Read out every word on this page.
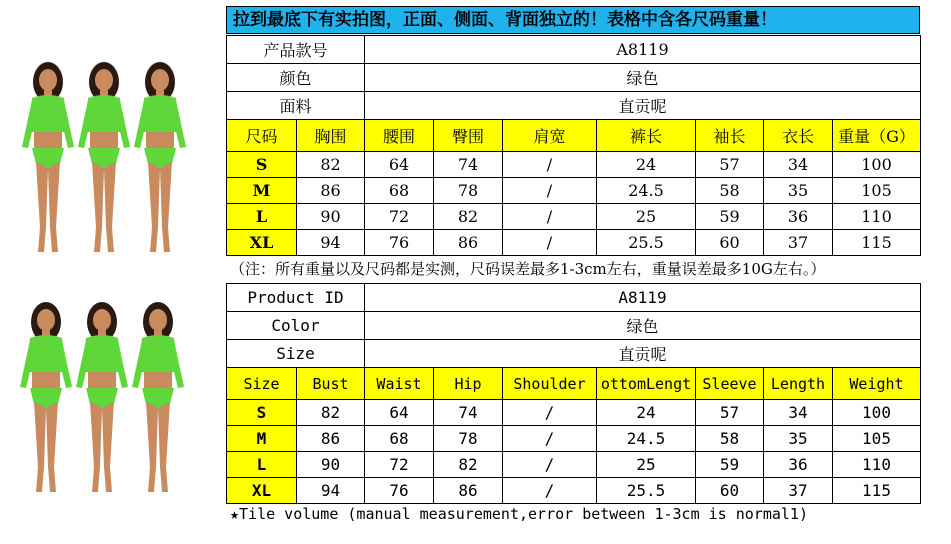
拉到最底下有实拍图，正面、侧面、背面独立的！表格中含各尺码重量！
产品款号		A8119						
颜色		绿色						
面料		直贡呢						
尺码	胸围	腰围	臀围	肩宽	裤长	袖长	衣长	重量（G）
S	82	64	74	/	24	57	34	100
M	86	68	78	/	24.5	58	35	105
L	90	72	82	/	25	59	36	110
XL	94	76	86	/	25.5	60	37	115
（注：所有重量以及尺码都是实测，尺码误差最多1-3cm左右，重量误差最多10G左右。）
Product ID		A8119						
Color		绿色						
Size		直贡呢						
Size	Bust	Waist	Hip	Shoulder	ottomLengt	Sleeve	Length	Weight
S	82	64	74	/	24	57	34	100
M	86	68	78	/	24.5	58	35	105
L	90	72	82	/	25	59	36	110
XL	94	76	86	/	25.5	60	37	115
★Tile volume (manual measurement,error between 1-3cm is normal1)
